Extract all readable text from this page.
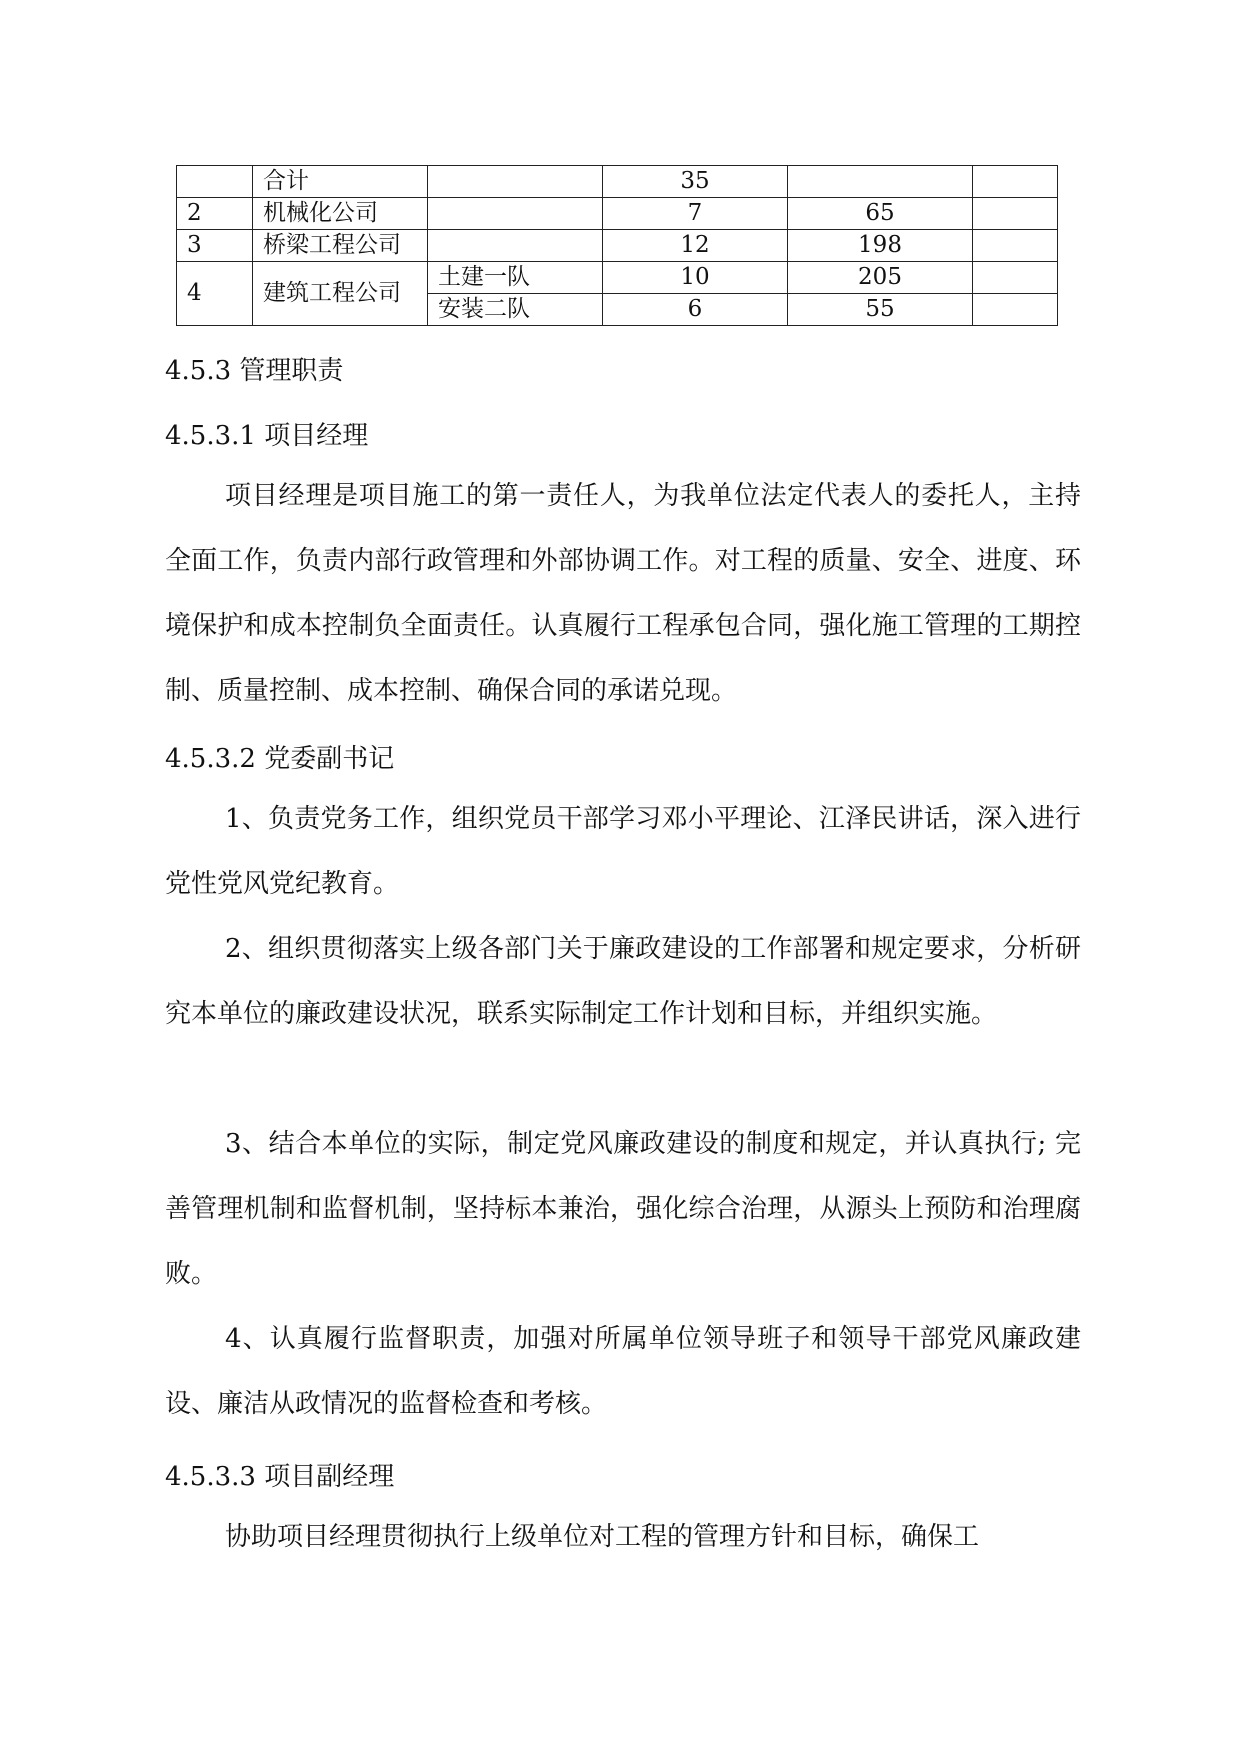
	合计		35		
2	机械化公司		7	65	
3	桥梁工程公司		12	198	
4	建筑工程公司	土建一队	10	205	
		安装二队	6	55	
4.5.3 管理职责
4.5.3.1 项目经理

项目经理是项目施工的第一责任人，为我单位法定代表人的委托人，主持全面工作，负责内部行政管理和外部协调工作。对工程的质量、安全、进度、环境保护和成本控制负全面责任。认真履行工程承包合同，强化施工管理的工期控制、质量控制、成本控制、确保合同的承诺兑现。

4.5.3.2 党委副书记

1、负责党务工作，组织党员干部学习邓小平理论、江泽民讲话，深入进行党性党风党纪教育。

2、组织贯彻落实上级各部门关于廉政建设的工作部署和规定要求，分析研究本单位的廉政建设状况，联系实际制定工作计划和目标，并组织实施。

3、结合本单位的实际，制定党风廉政建设的制度和规定，并认真执行; 完善管理机制和监督机制，坚持标本兼治，强化综合治理，从源头上预防和治理腐败。

4、认真履行监督职责，加强对所属单位领导班子和领导干部党风廉政建设、廉洁从政情况的监督检查和考核。

4.5.3.3 项目副经理

协助项目经理贯彻执行上级单位对工程的管理方针和目标，确保工
